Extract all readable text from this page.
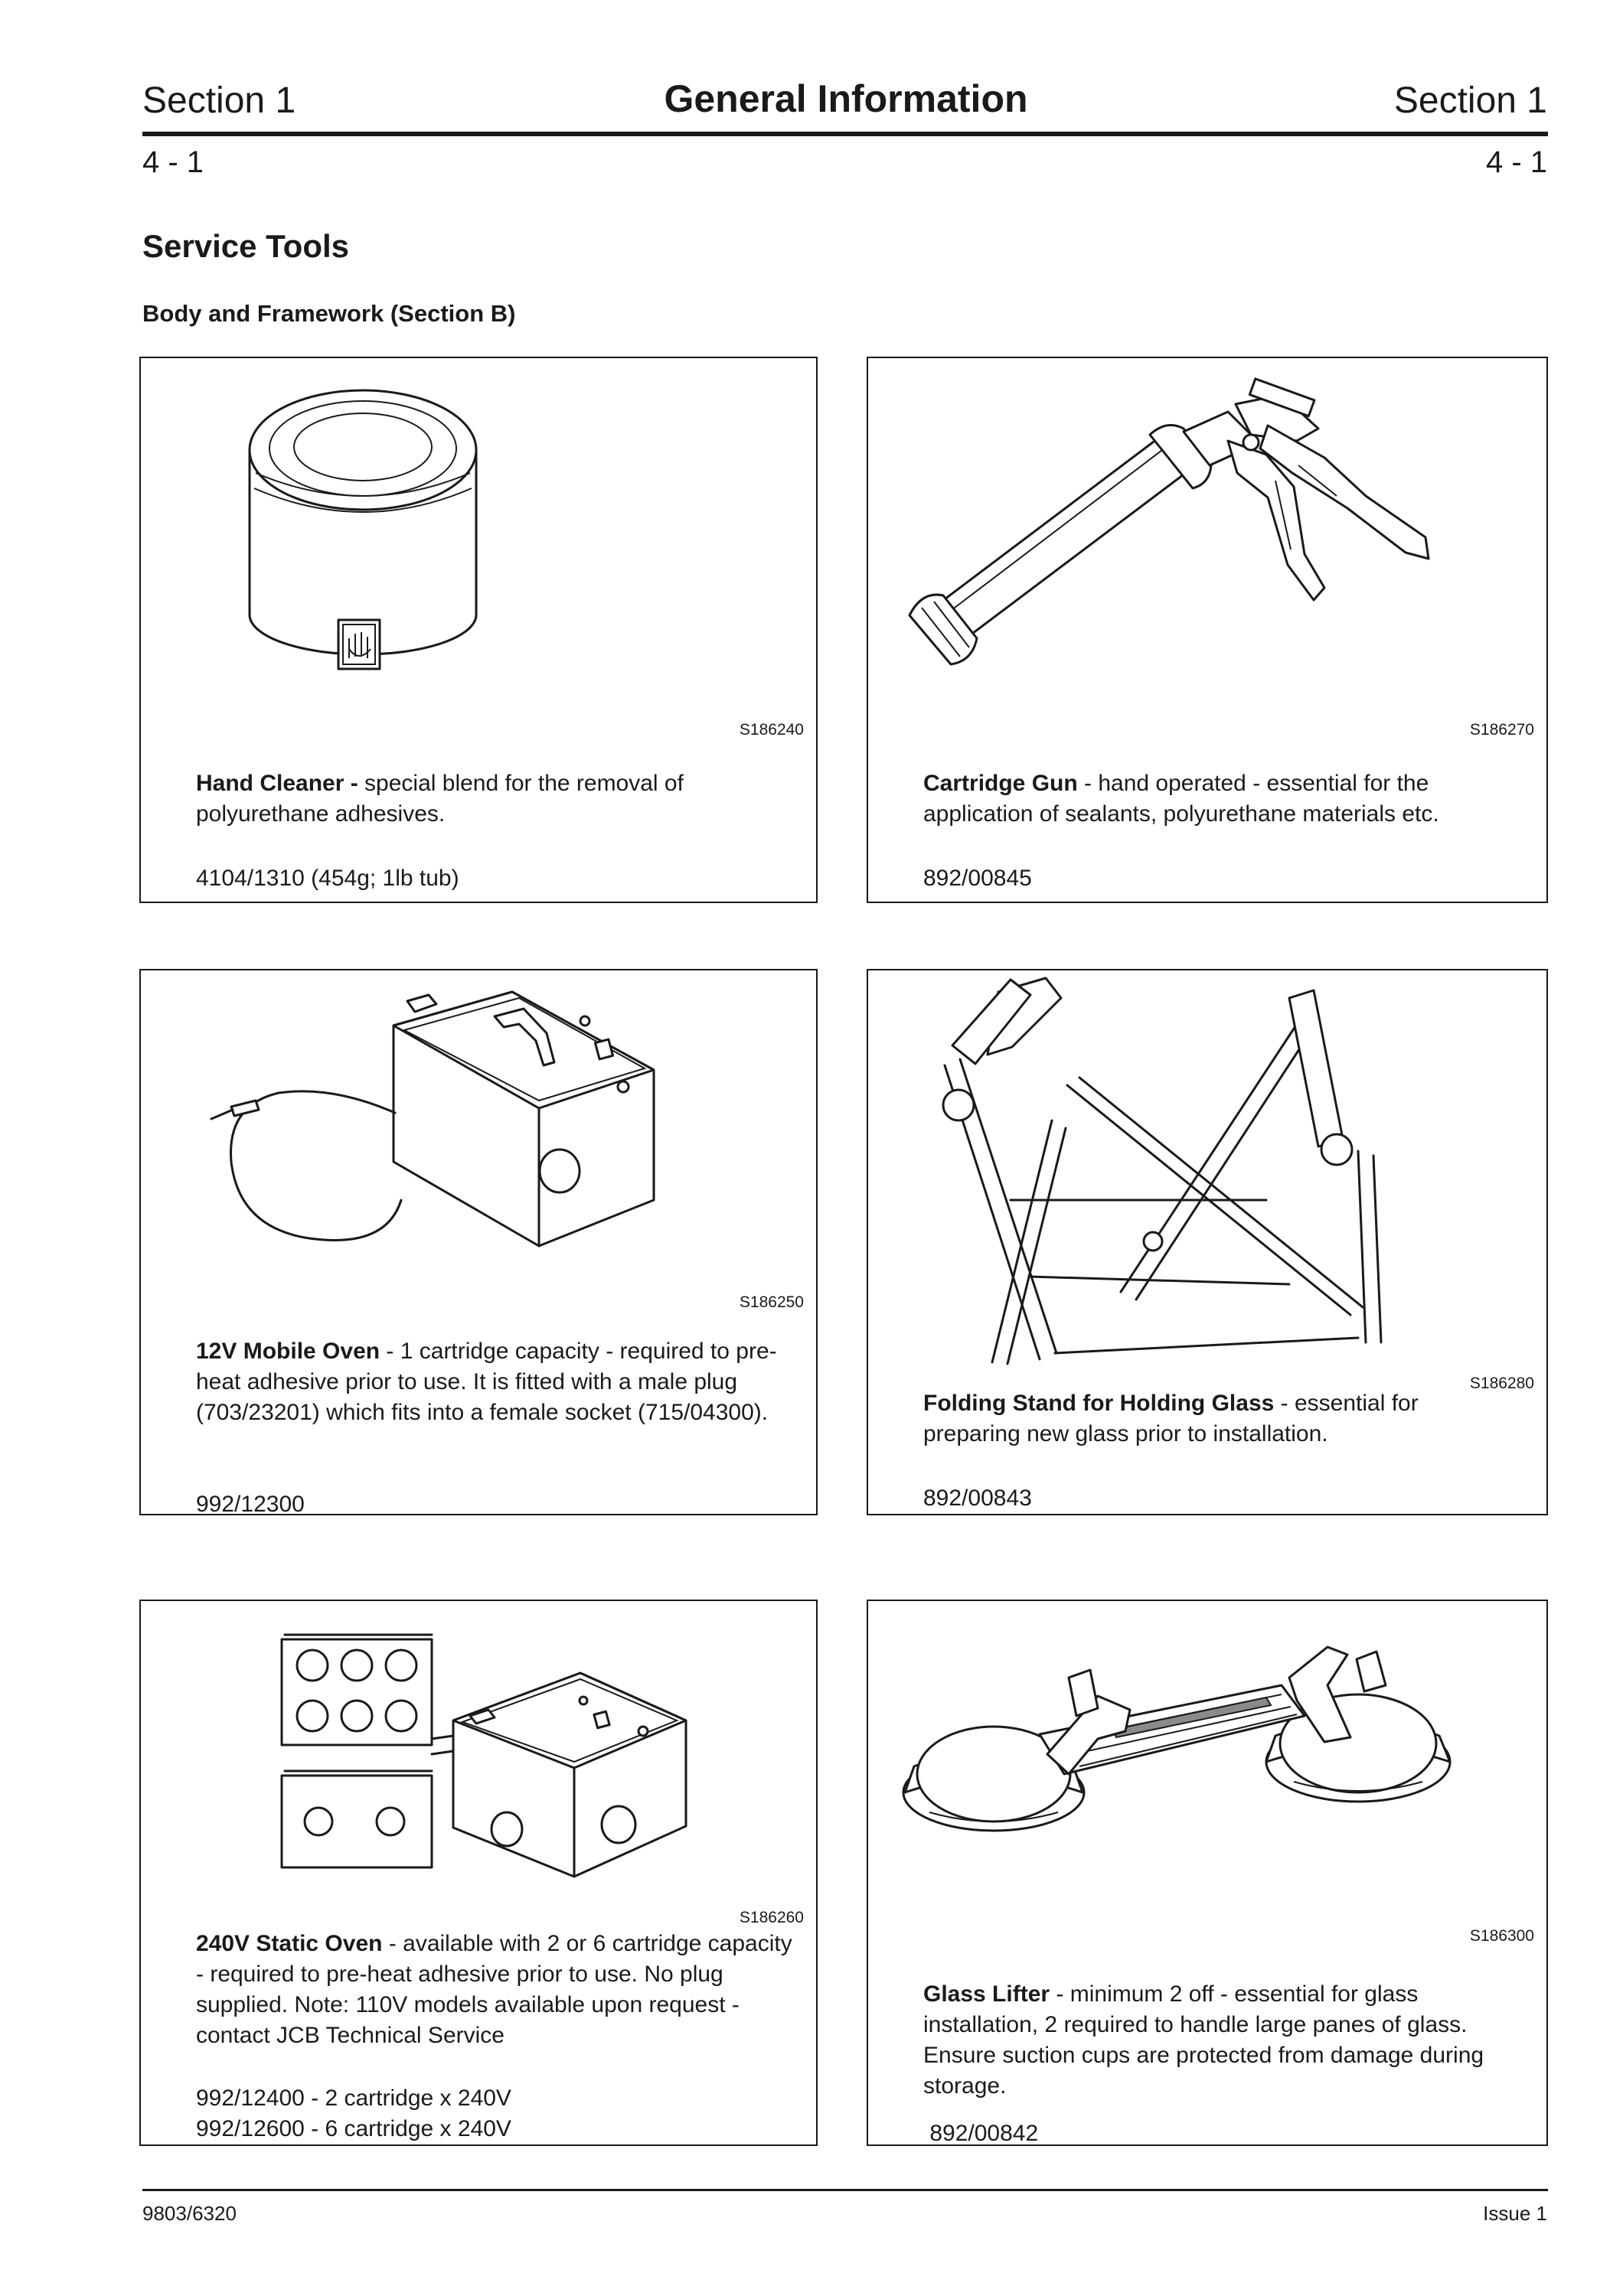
Section 1	General Information	Section 1
4 - 1	4 - 1
Service Tools
Body and Framework (Section B)
S186240
Hand Cleaner - special blend for the removal of polyurethane adhesives.
4104/1310 (454g; 1lb tub)
S186270
Cartridge Gun - hand operated - essential for the application of sealants, polyurethane materials etc.
892/00845
S186250
12V Mobile Oven - 1 cartridge capacity - required to pre-heat adhesive prior to use. It is fitted with a male plug (703/23201) which fits into a female socket (715/04300).
992/12300
S186280
Folding Stand for Holding Glass - essential for preparing new glass prior to installation.
892/00843
S186260
240V Static Oven - available with 2 or 6 cartridge capacity - required to pre-heat adhesive prior to use. No plug supplied. Note: 110V models available upon request - contact JCB Technical Service
992/12400 - 2 cartridge x 240V
992/12600 - 6 cartridge x 240V
S186300
Glass Lifter - minimum 2 off - essential for glass installation, 2 required to handle large panes of glass. Ensure suction cups are protected from damage during storage.
892/00842
9803/6320	Issue 1
